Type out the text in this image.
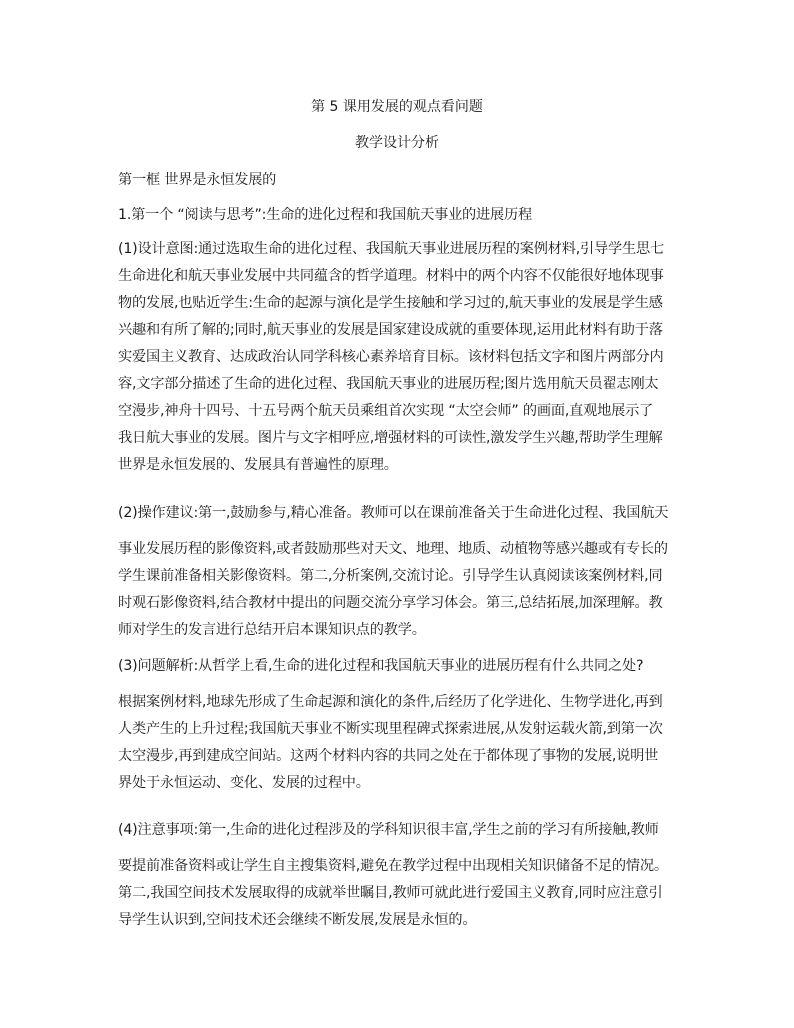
第 5 课用发展的观点看问题
教学设计分析
第一框 世界是永恒发展的
1.第一个 “阅读与思考”:生命的进化过程和我国航天事业的进展历程
(1)设计意图:通过选取生命的进化过程、我国航天事业进展历程的案例材料,引导学生思七
生命进化和航天事业发展中共同蕴含的哲学道理。材料中的两个内容不仅能很好地体现事
物的发展,也贴近学生:生命的起源与演化是学生接触和学习过的,航天事业的发展是学生感
兴趣和有所了解的;同时,航天事业的发展是国家建设成就的重要体现,运用此材料有助于落
实爱国主义教育、达成政治认同学科核心素养培育目标。该材料包括文字和图片两部分内
容,文字部分描述了生命的进化过程、我国航天事业的进展历程;图片选用航天员翟志刚太
空漫步,神舟十四号、十五号两个航天员乘组首次实现 “太空会师” 的画面,直观地展示了
我日航大事业的发展。图片与文字相呼应,增强材料的可读性,激发学生兴趣,帮助学生理解
世界是永恒发展的、发展具有普遍性的原理。
(2)操作建议:第一,鼓励参与,精心准备。教师可以在课前准备关于生命进化过程、我国航天
事业发展历程的影像资料,或者鼓励那些对天文、地理、地质、动植物等感兴趣或有专长的
学生课前准备相关影像资料。第二,分析案例,交流讨论。引导学生认真阅读该案例材料,同
时观石影像资料,结合教材中提出的问题交流分享学习体会。第三,总结拓展,加深理解。教
师对学生的发言进行总结开启本课知识点的教学。
(3)问题解析:从哲学上看,生命的进化过程和我国航天事业的进展历程有什么共同之处?
根据案例材料,地球先形成了生命起源和演化的条件,后经历了化学进化、生物学进化,再到
人类产生的上升过程;我国航天事业不断实现里程碑式探索进展,从发射运载火箭,到第一次
太空漫步,再到建成空间站。这两个材料内容的共同之处在于都体现了事物的发展,说明世
界处于永恒运动、变化、发展的过程中。
(4)注意事项:第一,生命的进化过程涉及的学科知识很丰富,学生之前的学习有所接触,教师
要提前准备资料或让学生自主搜集资料,避免在教学过程中出现相关知识储备不足的情况。
第二,我国空间技术发展取得的成就举世瞩目,教师可就此进行爱国主义教育,同时应注意引
导学生认识到,空间技术还会继续不断发展,发展是永恒的。
